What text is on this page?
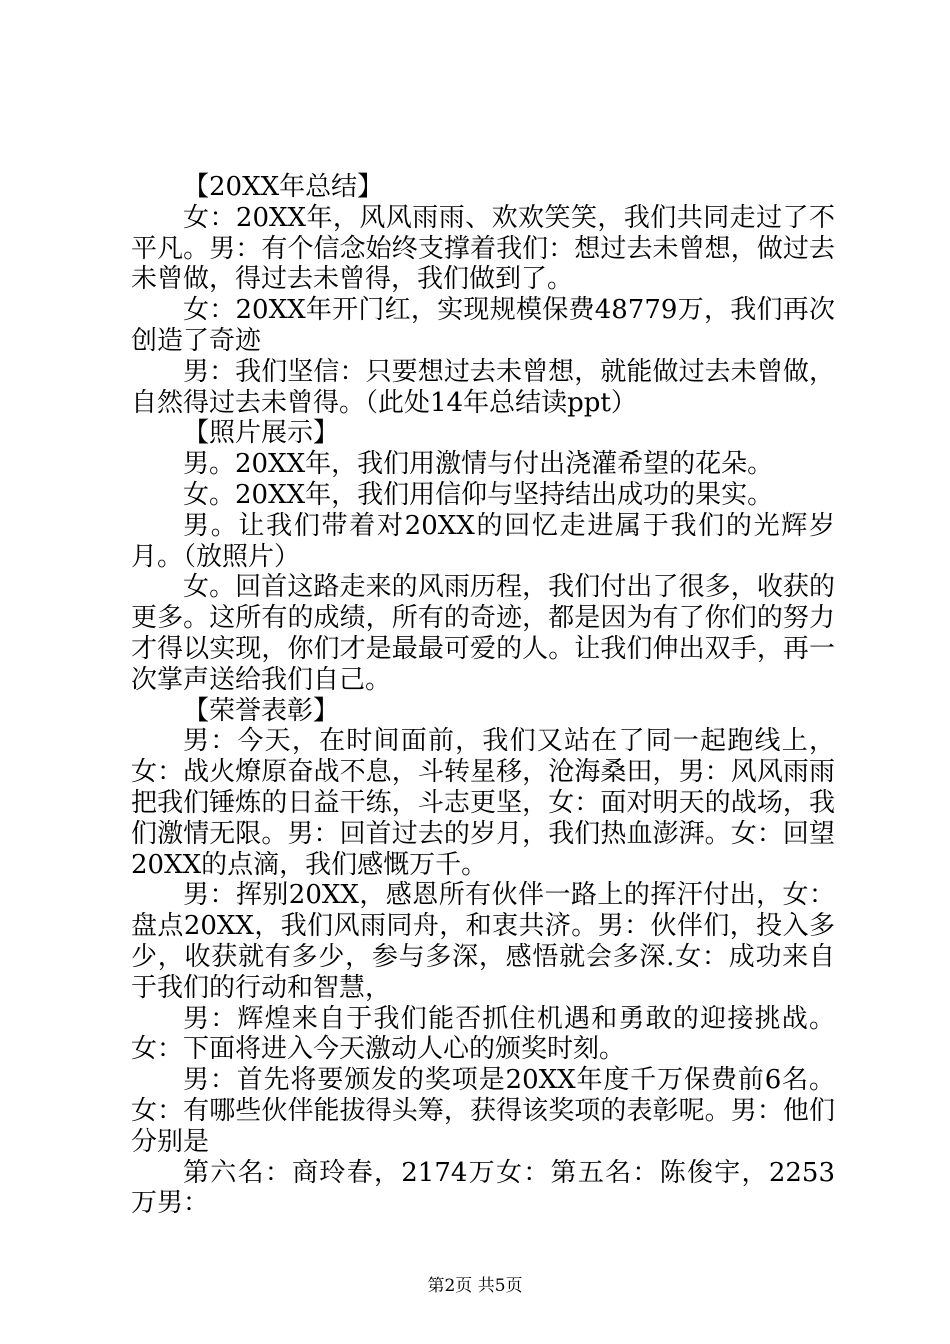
【20XX年总结】

女：20XX年，风风雨雨、欢欢笑笑，我们共同走过了不平凡。男：有个信念始终支撑着我们：想过去未曾想，做过去未曾做，得过去未曾得，我们做到了。

女：20XX年开门红，实现规模保费48779万，我们再次创造了奇迹

男：我们坚信：只要想过去未曾想，就能做过去未曾做，自然得过去未曾得。（此处14年总结读ppt）

【照片展示】

男。20XX年，我们用激情与付出浇灌希望的花朵。

女。20XX年，我们用信仰与坚持结出成功的果实。

男。让我们带着对20XX的回忆走进属于我们的光辉岁月。（放照片）

女。回首这路走来的风雨历程，我们付出了很多，收获的更多。这所有的成绩，所有的奇迹，都是因为有了你们的努力才得以实现，你们才是最最可爱的人。让我们伸出双手，再一次掌声送给我们自己。

【荣誉表彰】

男：今天，在时间面前，我们又站在了同一起跑线上，女：战火燎原奋战不息，斗转星移，沧海桑田，男：风风雨雨把我们锤炼的日益干练，斗志更坚，女：面对明天的战场，我们激情无限。男：回首过去的岁月，我们热血澎湃。女：回望20XX的点滴，我们感慨万千。

男：挥别20XX，感恩所有伙伴一路上的挥汗付出，女：盘点20XX，我们风雨同舟，和衷共济。男：伙伴们，投入多少，收获就有多少，参与多深，感悟就会多深.女：成功来自于我们的行动和智慧，

男：辉煌来自于我们能否抓住机遇和勇敢的迎接挑战。女：下面将进入今天激动人心的颁奖时刻。

男：首先将要颁发的奖项是20XX年度千万保费前6名。女：有哪些伙伴能拔得头筹，获得该奖项的表彰呢。男：他们分别是

第六名：商玲春，2174万女：第五名：陈俊宇，2253万男：

第2页 共5页
